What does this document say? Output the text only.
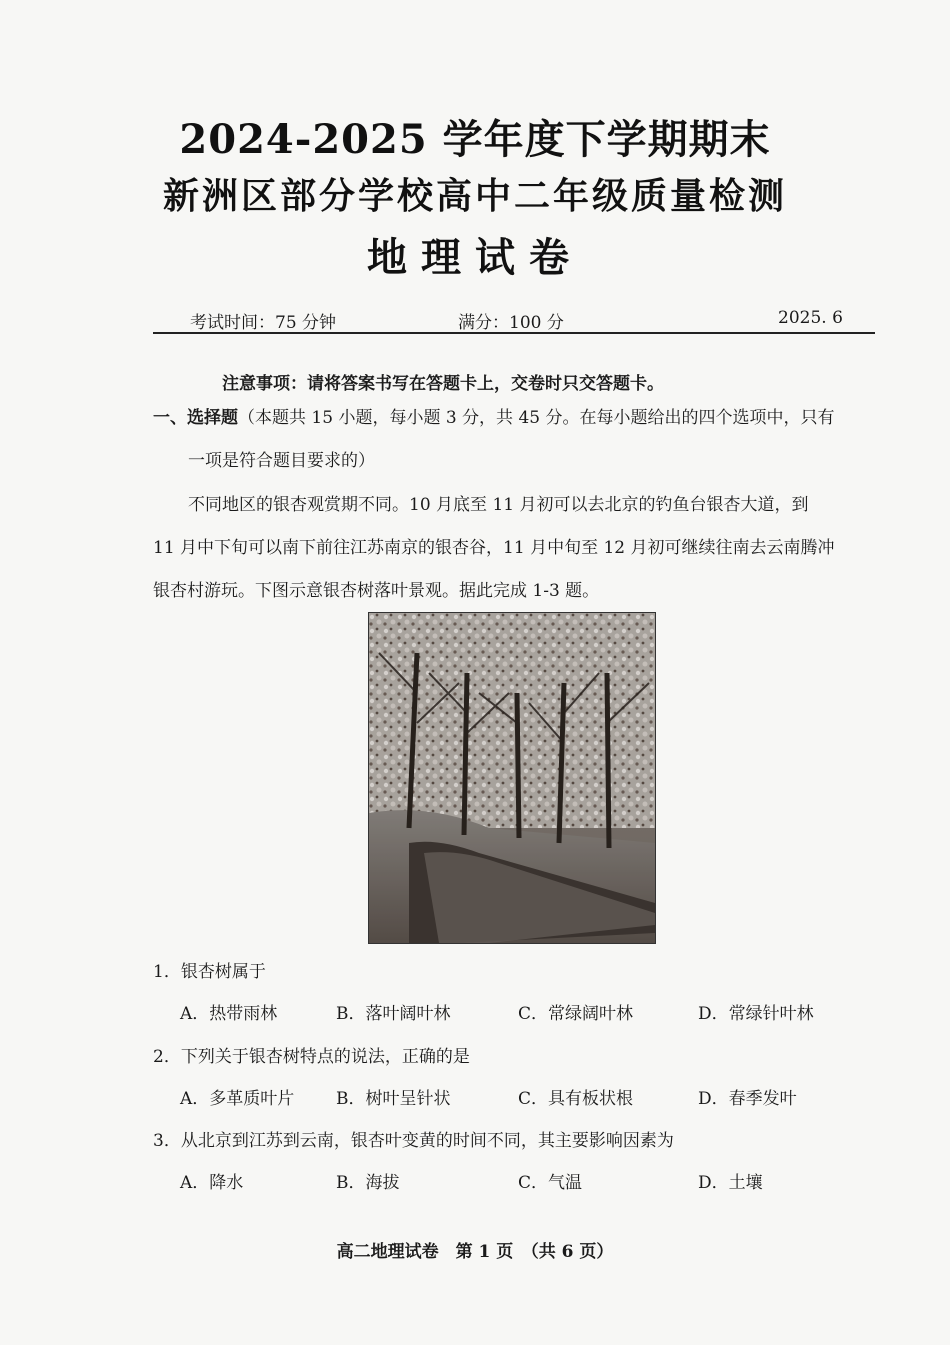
2024-2025 学年度下学期期末
新洲区部分学校高中二年级质量检测
地理试卷
考试时间：75 分钟	满分：100 分	2025. 6
注意事项：请将答案书写在答题卡上，交卷时只交答题卡。
一、选择题（本题共 15 小题，每小题 3 分，共 45 分。在每小题给出的四个选项中，只有
一项是符合题目要求的）
不同地区的银杏观赏期不同。10 月底至 11 月初可以去北京的钓鱼台银杏大道，到
11 月中下旬可以南下前往江苏南京的银杏谷，11 月中旬至 12 月初可继续往南去云南腾冲
银杏村游玩。下图示意银杏树落叶景观。据此完成 1-3 题。
1．银杏树属于
A．热带雨林	B．落叶阔叶林	C．常绿阔叶林	D．常绿针叶林
2．下列关于银杏树特点的说法，正确的是
A．多革质叶片 B．树叶呈针状	C．具有板状根	D．春季发叶
3．从北京到江苏到云南，银杏叶变黄的时间不同，其主要影响因素为
A．降水	B．海拔	C．气温	D．土壤
高二地理试卷　第 1 页　（共 6 页）
